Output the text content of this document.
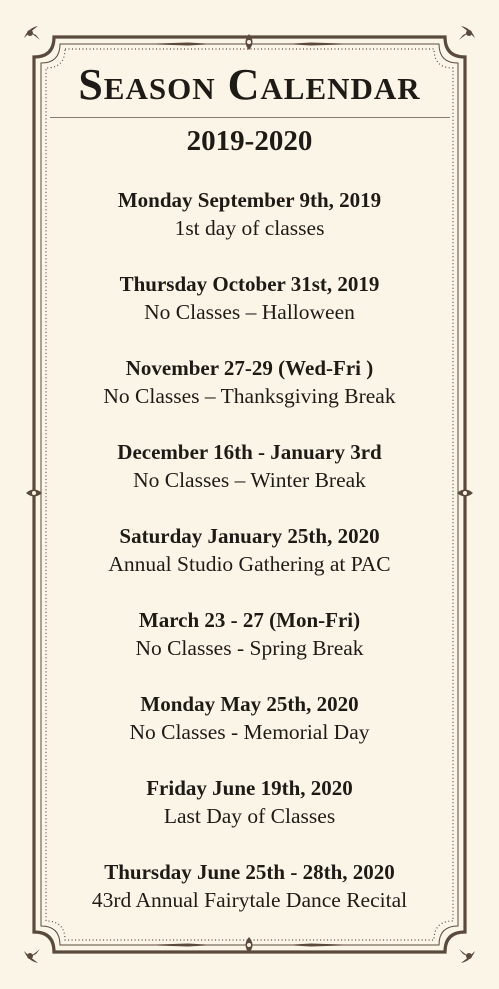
Season Calendar
2019-2020
Monday September 9th, 2019
1st day of classes
Thursday October 31st, 2019
No Classes – Halloween
November 27-29 (Wed-Fri )
No Classes – Thanksgiving Break
December 16th - January 3rd
No Classes – Winter Break
Saturday January 25th, 2020
Annual Studio Gathering at PAC
March 23 - 27 (Mon-Fri)
No Classes - Spring Break
Monday May 25th, 2020
No Classes - Memorial Day
Friday June 19th, 2020
Last Day of Classes
Thursday June 25th - 28th, 2020
43rd Annual Fairytale Dance Recital
